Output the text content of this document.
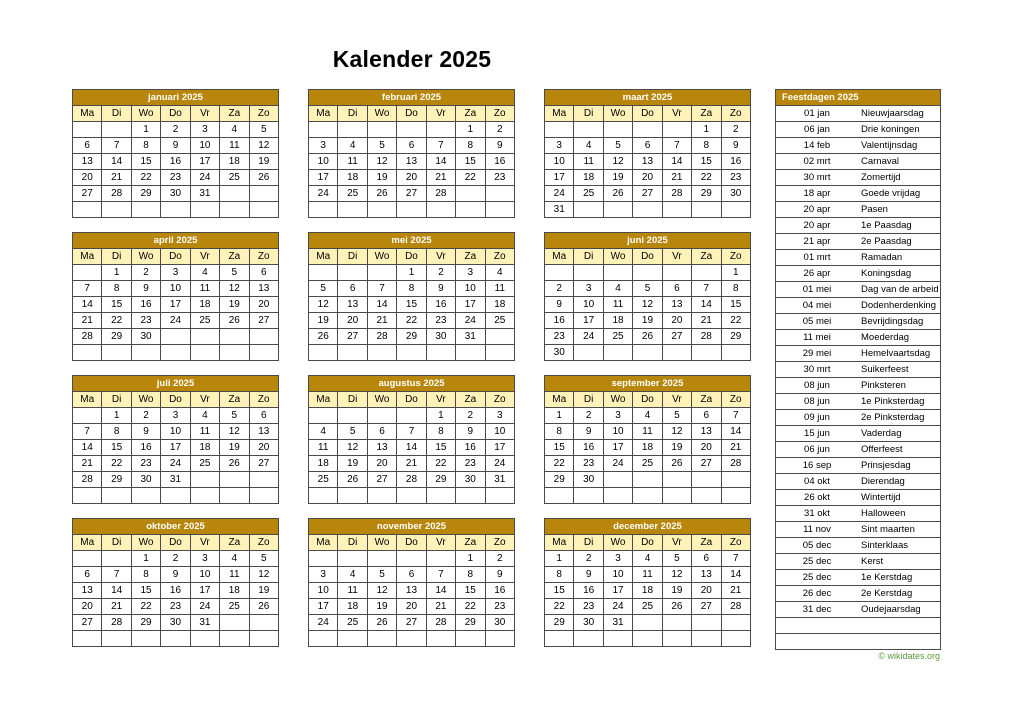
Kalender 2025
januari 2025						
Ma	Di	Wo	Do	Vr	Za	Zo
		1	2	3	4	5
6	7	8	9	10	11	12
13	14	15	16	17	18	19
20	21	22	23	24	25	26
27	28	29	30	31		

februari 2025						
Ma	Di	Wo	Do	Vr	Za	Zo
					1	2
3	4	5	6	7	8	9
10	11	12	13	14	15	16
17	18	19	20	21	22	23
24	25	26	27	28		

maart 2025						
Ma	Di	Wo	Do	Vr	Za	Zo
					1	2
3	4	5	6	7	8	9
10	11	12	13	14	15	16
17	18	19	20	21	22	23
24	25	26	27	28	29	30
31						
april 2025						
Ma	Di	Wo	Do	Vr	Za	Zo
	1	2	3	4	5	6
7	8	9	10	11	12	13
14	15	16	17	18	19	20
21	22	23	24	25	26	27
28	29	30				

mei 2025						
Ma	Di	Wo	Do	Vr	Za	Zo
			1	2	3	4
5	6	7	8	9	10	11
12	13	14	15	16	17	18
19	20	21	22	23	24	25
26	27	28	29	30	31	

juni 2025						
Ma	Di	Wo	Do	Vr	Za	Zo
						1
2	3	4	5	6	7	8
9	10	11	12	13	14	15
16	17	18	19	20	21	22
23	24	25	26	27	28	29
30						
juli 2025						
Ma	Di	Wo	Do	Vr	Za	Zo
	1	2	3	4	5	6
7	8	9	10	11	12	13
14	15	16	17	18	19	20
21	22	23	24	25	26	27
28	29	30	31			

augustus 2025						
Ma	Di	Wo	Do	Vr	Za	Zo
				1	2	3
4	5	6	7	8	9	10
11	12	13	14	15	16	17
18	19	20	21	22	23	24
25	26	27	28	29	30	31

september 2025						
Ma	Di	Wo	Do	Vr	Za	Zo
1	2	3	4	5	6	7
8	9	10	11	12	13	14
15	16	17	18	19	20	21
22	23	24	25	26	27	28
29	30					

oktober 2025						
Ma	Di	Wo	Do	Vr	Za	Zo
		1	2	3	4	5
6	7	8	9	10	11	12
13	14	15	16	17	18	19
20	21	22	23	24	25	26
27	28	29	30	31		

november 2025						
Ma	Di	Wo	Do	Vr	Za	Zo
					1	2
3	4	5	6	7	8	9
10	11	12	13	14	15	16
17	18	19	20	21	22	23
24	25	26	27	28	29	30

december 2025						
Ma	Di	Wo	Do	Vr	Za	Zo
1	2	3	4	5	6	7
8	9	10	11	12	13	14
15	16	17	18	19	20	21
22	23	24	25	26	27	28
29	30	31				

Feestdagen 2025	
01 jan	Nieuwjaarsdag
06 jan	Drie koningen
14 feb	Valentijnsdag
02 mrt	Carnaval
30 mrt	Zomertijd
18 apr	Goede vrijdag
20 apr	Pasen
20 apr	1e Paasdag
21 apr	2e Paasdag
01 mrt	Ramadan
26 apr	Koningsdag
01 mei	Dag van de arbeid
04 mei	Dodenherdenking
05 mei	Bevrijdingsdag
11 mei	Moederdag
29 mei	Hemelvaartsdag
30 mrt	Suikerfeest
08 jun	Pinksteren
08 jun	1e Pinksterdag
09 jun	2e Pinksterdag
15 jun	Vaderdag
06 jun	Offerfeest
16 sep	Prinsjesdag
04 okt	Dierendag
26 okt	Wintertijd
31 okt	Halloween
11 nov	Sint maarten
05 dec	Sinterklaas
25 dec	Kerst
25 dec	1e Kerstdag
26 dec	2e Kerstdag
31 dec	Oudejaarsdag

© wikidates.org
